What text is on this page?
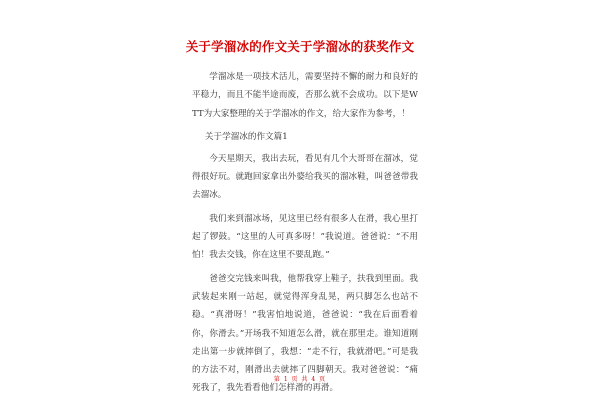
关于学溜冰的作文关于学溜冰的获奖作文

学溜冰是一项技术活儿，需要坚持不懈的耐力和良好的平稳力，而且不能半途而废，否那么就不会成功。以下是WTT为大家整理的关于学溜冰的作文，给大家作为参考，！

关于学溜冰的作文篇1

今天星期天，我出去玩，看见有几个大哥哥在溜冰，觉得很好玩。就跑回家拿出外婆给我买的溜冰鞋，叫爸爸带我去溜冰。

我们来到溜冰场，见这里已经有很多人在滑，我心里打起了锣鼓。“这里的人可真多呀！”我说道。爸爸说：“不用怕！我去交钱，你在这里不要乱跑。”

爸爸交完钱来叫我，他帮我穿上鞋子，扶我到里面。我武装起来刚一站起，就觉得浑身乱晃，两只脚怎么也站不稳。“真滑呀！”我害怕地说道，爸爸说：“我在后面看着你，你滑去。”开场我不知道怎么滑，就在那里走。谁知道刚走出第一步就摔倒了，我想：“走不行，我就滑吧。”可是我的方法不对，刚滑出去就摔了四脚朝天。我对爸爸说：“痛死我了，我先看看他们怎样滑的再滑。

第 1 页 共 4 页
